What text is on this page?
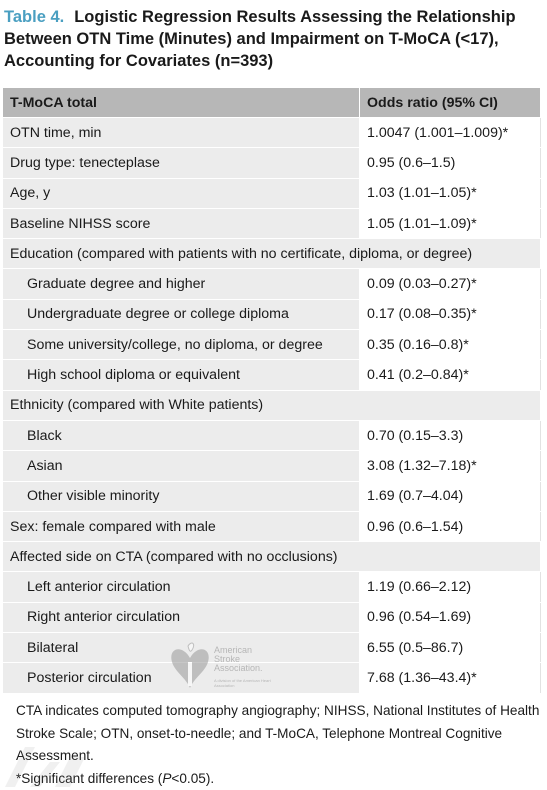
Table 4. Logistic Regression Results Assessing the Relationship Between OTN Time (Minutes) and Impairment on T-MoCA (<17), Accounting for Covariates (n=393)
T-MoCA total	Odds ratio (95% CI)
OTN time, min	1.0047 (1.001–1.009)*
Drug type: tenecteplase	0.95 (0.6–1.5)
Age, y	1.03 (1.01–1.05)*
Baseline NIHSS score	1.05 (1.01–1.09)*
Education (compared with patients with no certificate, diploma, or degree)	
Graduate degree and higher	0.09 (0.03–0.27)*
Undergraduate degree or college diploma	0.17 (0.08–0.35)*
Some university/college, no diploma, or degree	0.35 (0.16–0.8)*
High school diploma or equivalent	0.41 (0.2–0.84)*
Ethnicity (compared with White patients)	
Black	0.70 (0.15–3.3)
Asian	3.08 (1.32–7.18)*
Other visible minority	1.69 (0.7–4.04)
Sex: female compared with male	0.96 (0.6–1.54)
Affected side on CTA (compared with no occlusions)	
Left anterior circulation	1.19 (0.66–2.12)
Right anterior circulation	0.96 (0.54–1.69)
Bilateral	6.55 (0.5–86.7)
Posterior circulation	7.68 (1.36–43.4)*
American
Stroke
Association.
A division of the American Heart Association
CTA indicates computed tomography angiography; NIHSS, National Institutes of Health Stroke Scale; OTN, onset-to-needle; and T-MoCA, Telephone Montreal Cognitive Assessment.
*Significant differences (P<0.05).
